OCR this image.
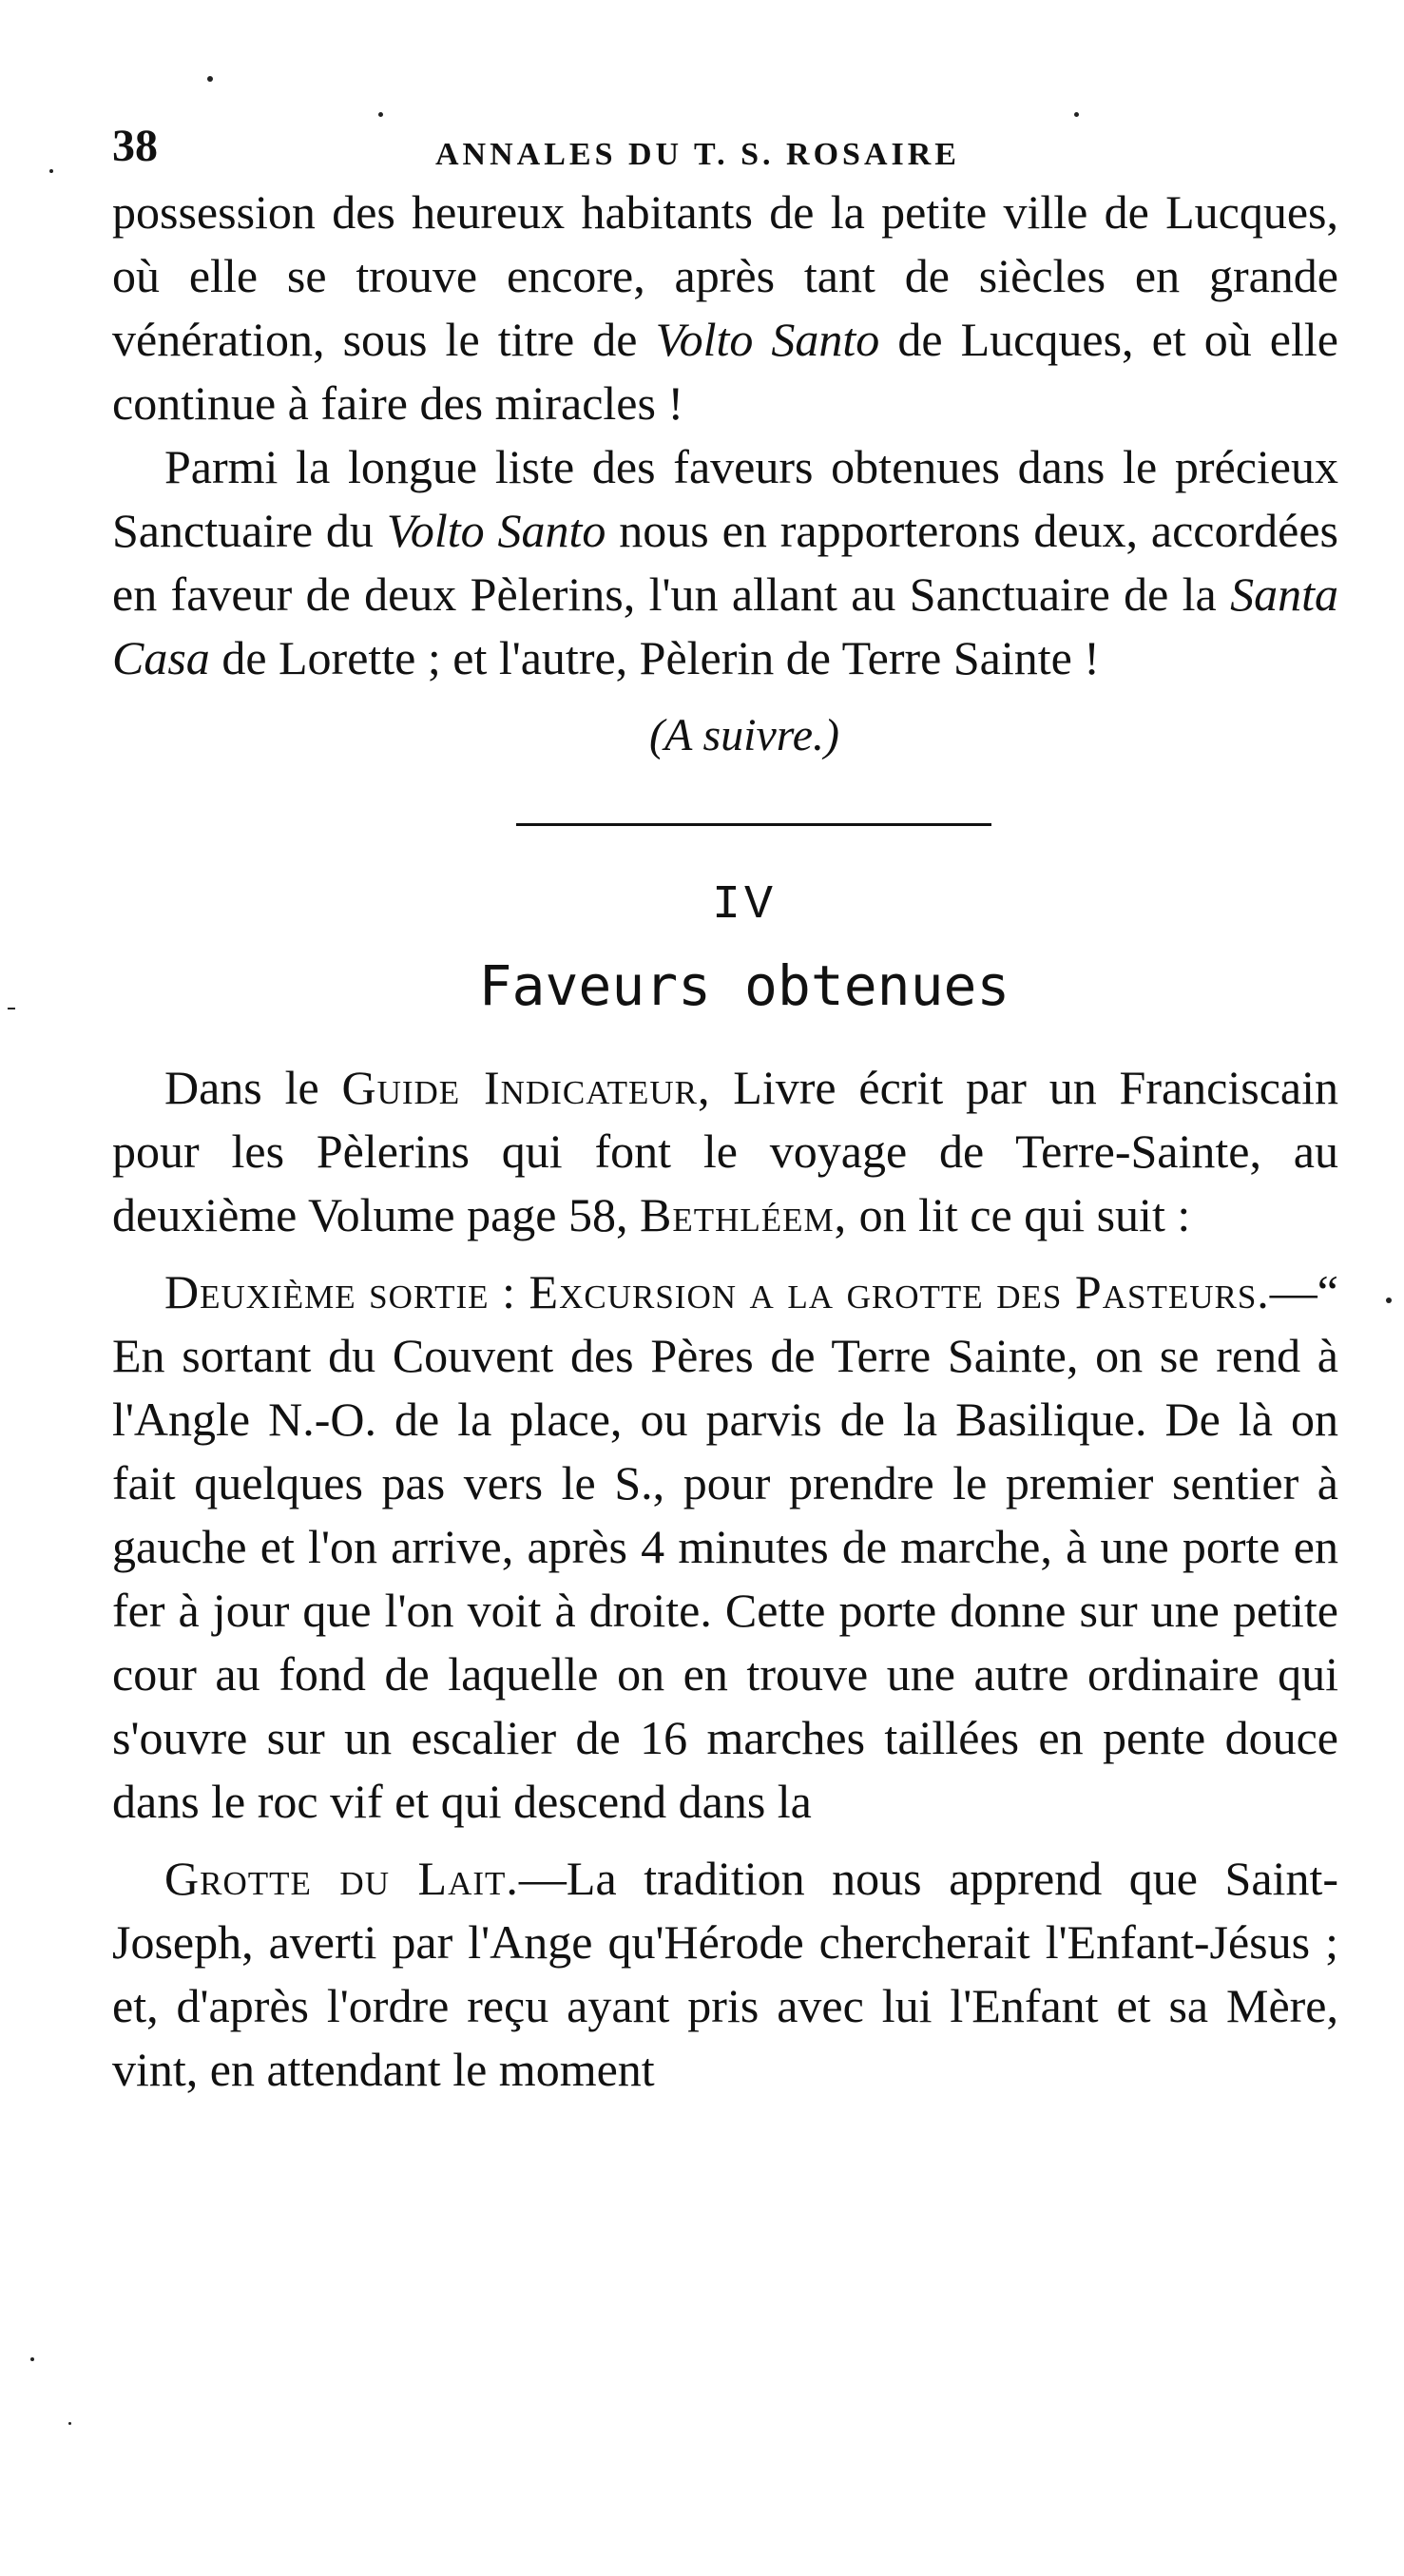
38	ANNALES DU T. S. ROSAIRE

possession des heureux habitants de la petite ville de Lucques, où elle se trouve encore, après tant de siècles en grande vénération, sous le titre de Volto Santo de Lucques, et où elle continue à faire des miracles !

Parmi la longue liste des faveurs obtenues dans le précieux Sanctuaire du Volto Santo nous en rapporterons deux, accordées en faveur de deux Pèlerins, l'un allant au Sanctuaire de la Santa Casa de Lorette ; et l'autre, Pèlerin de Terre Sainte !

(A suivre.)
IV
Faveurs obtenues

Dans le Guide Indicateur, Livre écrit par un Franciscain pour les Pèlerins qui font le voyage de Terre-Sainte, au deuxième Volume page 58, Bethléem, on lit ce qui suit :

Deuxième sortie : Excursion a la grotte des Pasteurs.—“ En sortant du Couvent des Pères de Terre Sainte, on se rend à l'Angle N.-O. de la place, ou parvis de la Basilique. De là on fait quelques pas vers le S., pour prendre le premier sentier à gauche et l'on arrive, après 4 minutes de marche, à une porte en fer à jour que l'on voit à droite. Cette porte donne sur une petite cour au fond de laquelle on en trouve une autre ordinaire qui s'ouvre sur un escalier de 16 marches taillées en pente douce dans le roc vif et qui descend dans la

Grotte du Lait.—La tradition nous apprend que Saint-Joseph, averti par l'Ange qu'Hérode chercherait l'Enfant-Jésus ; et, d'après l'ordre reçu ayant pris avec lui l'Enfant et sa Mère, vint, en attendant le moment
